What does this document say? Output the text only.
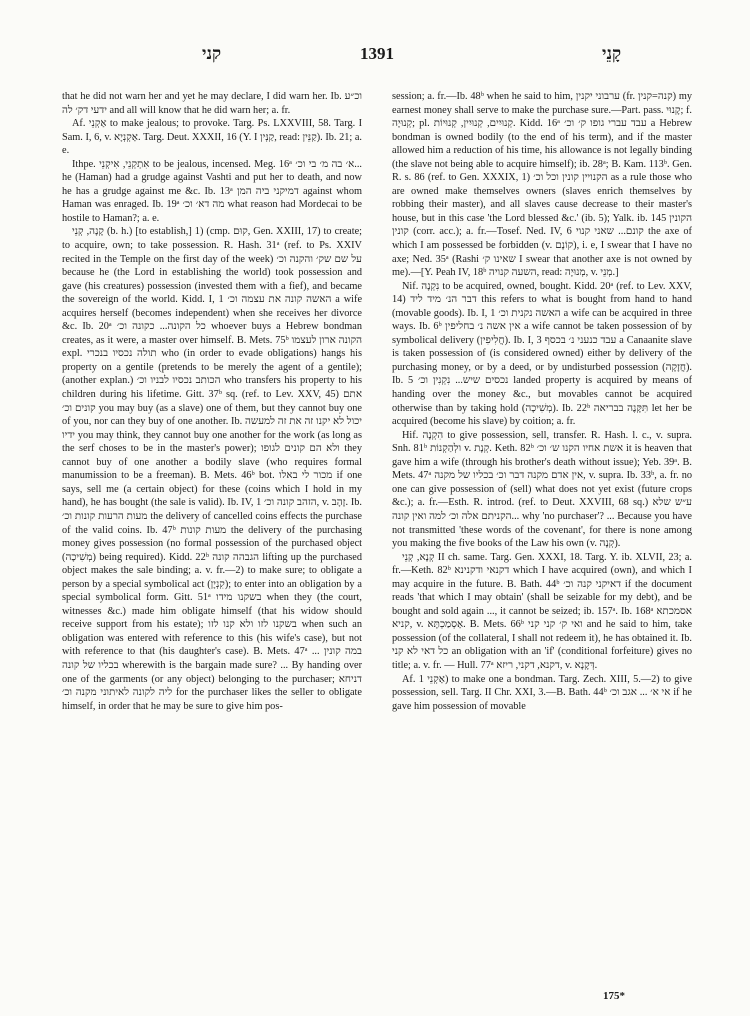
קני	1391	קָנֵי

that he did not warn her and yet he may declare, I did warn her. Ib. וכ״ע ידעי דק׳ לה and all will know that he did warn her; a. fr.

Af. אַקְנֵי to make jealous; to provoke. Targ. Ps. LXXVIII, 58. Targ. I Sam. I, 6, v. אַקְנְיָא. Targ. Deut. XXXII, 16 (Y. I קַנְּין, read: קַנֵּין). Ib. 21; a. e.

Ithpe. אִתְקְנֵי, אִיקְנֵי to be jealous, incensed. Meg. 16ᵃ א׳ בה מ׳ בי וכ׳... he (Haman) had a grudge against Vashti and put her to death, and now he has a grudge against me &c. Ib. 13ᵃ דמיקני ביה המן against whom Haman was enraged. Ib. 19ᵃ מה דא׳ וכ׳ what reason had Mordecai to be hostile to Haman?; a. e.

קָנָה, קְנֵי (b. h.) [to establish,] 1) (cmp. קוּם, Gen. XXIII, 17) to create; to acquire, own; to take possession. R. Hash. 31ᵃ (ref. to Ps. XXIV recited in the Temple on the first day of the week) על שם שק׳ והקנה וכ׳ because he (the Lord in establishing the world) took possession and gave (his creatures) possession (invested them with a fief), and became the sovereign of the world. Kidd. I, 1 האשה קונה את עצמה וכ׳ a wife acquires herself (becomes independent) when she receives her divorce &c. Ib. 20ᵃ כל הקונה... כקונה וכ׳ whoever buys a Hebrew bondman creates, as it were, a master over himself. B. Mets. 75ᵇ הקונה ארון לעצמו expl. תולה נכסיו בנכרי who (in order to evade obligations) hangs his property on a gentile (pretends to be merely the agent of a gentile); (another explan.) הכותב נכסיו לבניו וכ׳ who transfers his property to his children during his lifetime. Gitt. 37ᵇ sq. (ref. to Lev. XXV, 45) אתם קונים וכ׳ you may buy (as a slave) one of them, but they cannot buy one of you, nor can they buy of one another. Ib. יכול לא יקנו זה את זה למעשה ידיו you may think, they cannot buy one another for the work (as long as the serf choses to be in the master's power); ולא הם קונים לגופו they cannot buy of one another a bodily slave (who requires formal manumission to be a freeman). B. Mets. 46ᵇ bot. מכור לי באלו if one says, sell me (a certain object) for these (coins which I hold in my hand), he has bought (the sale is valid). Ib. IV, 1 הזהב קונה וכ׳, v. זָהָב. Ib. מעות הרעות קונות וכ׳ the delivery of cancelled coins effects the purchase of the valid coins. Ib. 47ᵇ מעות קונות the delivery of the purchasing money gives possession (no formal possession of the purchased object (מְשִׁיכָה) being required). Kidd. 22ᵇ הגבהה קונה lifting up the purchased object makes the sale binding; a. v. fr.—2) to make sure; to obligate a person by a special symbolical act (קִנְיָן); to enter into an obligation by a special symbolical form. Gitt. 51ᵃ בשקנו מידו when they (the court, witnesses &c.) made him obligate himself (that his widow should receive support from his estate); בשקנו לזו ולא קנו לזו when such an obligation was entered with reference to this (his wife's case), but not with reference to that (his daughter's case). B. Mets. 47ᵃ במה קונין ... בכליו של קונה wherewith is the bargain made sure? ... By handing over one of the garments (or any object) belonging to the purchaser; דניחא ליה לקונה לאיתוני מקנה וכ׳ for the purchaser likes the seller to obligate himself, in order that he may be sure to give him pos-

session; a. fr.—Ib. 48ᵇ when he said to him, ערבוני יקנין (fr. קנה=קנין) my earnest money shall serve to make the purchase sure.—Part. pass. קָנוּי; f. קְנוּיָה; pl. קְנוּיִים, קְנוּיִין, קְנוּיוֹת. Kidd. 16ᵃ עבד עברי גופו ק׳ וכ׳ a Hebrew bondman is owned bodily (to the end of his term), and if the master allowed him a reduction of his time, his allowance is not legally binding (the slave not being able to acquire himself); ib. 28ᵃ; B. Kam. 113ᵇ. Gen. R. s. 86 (ref. to Gen. XXXIX, 1) הקנויין קונין וכל וכ׳ as a rule those who are owned make themselves owners (slaves enrich themselves by robbing their master), and all slaves cause decrease to their master's house, but in this case 'the Lord blessed &c.' (ib. 5); Yalk. ib. 145 הקונין קונין (corr. acc.); a. fr.—Tosef. Ned. IV, 6 קונם... שאני קנוי the axe of which I am possessed be forbidden (v. קוֹנָם), i. e, I swear that I have no axe; Ned. 35ᵃ (Rashi שאינו ק׳ I swear that another axe is not owned by me).—[Y. Peah IV, 18ᵇ השעה קנויה, read: מְנוּיָה, v. מְנֵי.]

Nif. נִקְנָה to be acquired, owned, bought. Kidd. 20ᵃ (ref. to Lev. XXV, 14) דבר הנ׳ מיד ליד this refers to what is bought from hand to hand (movable goods). Ib. I, 1 האשה נקנית וכ׳ a wife can be acquired in three ways. Ib. 6ᵇ אין אשה נ׳ בחליפין a wife cannot be taken possession of by symbolical delivery (חֲלִיפִין). Ib. I, 3 עבד כנעני נ׳ בכסף a Canaanite slave is taken possession of (is considered owned) either by delivery of the purchasing money, or by a deed, or by undisturbed possession (חֲזָקָה). Ib. 5 נכסים שיש... נִקְנִין וכ׳ landed property is acquired by means of handing over the money &c., but movables cannot be acquired otherwise than by taking hold (מְשִׁיכָה). Ib. 22ᵇ תִּקָּנֶה בבריאה let her be acquired (become his slave) by coition; a. fr.

Hif. הִקְנָה to give possession, sell, transfer. R. Hash. l. c., v. supra. Snh. 81ᵇ ולְהַקְנוֹת v. קְנָת. Keth. 82ᵇ אשת אחיו הקנו ש׳ וכ׳ it is heaven that gave him a wife (through his brother's death without issue); Yeb. 39ᵃ. B. Mets. 47ᵃ אין אדם מקנה דבר וכ׳ בכליו של מקנה, v. supra. Ib. 33ᵇ, a. fr. no one can give possession of (sell) what does not yet exist (future crops &c.); a. fr.—Esth. R. introd. (ref. to Deut. XXVIII, 68 sq.) ע״ש שלא הקניתם אלה וכ׳ למה ואין קונה... why 'no purchaser'? ... Because you have not transmitted 'these words of the covenant', for there is none among you making the five books of the Law his own (v. קְנָה).

קְנָא, קְנֵי II ch. same. Targ. Gen. XXXI, 18. Targ. Y. ib. XLVII, 23; a. fr.—Keth. 82ᵇ דקנאי ודקנינא which I have acquired (own), and which I may acquire in the future. B. Bath. 44ᵇ דאיקני קנה וכ׳ if the document reads 'that which I may obtain' (shall be seizable for my debt), and be bought and sold again ..., it cannot be seized; ib. 157ᵃ. Ib. 168ᵃ אסמכתא קניא, v. אַסְמַכְתָּא. B. Mets. 66ᵇ ואי ק׳ קני קני and he said to him, take possession (of the collateral, I shall not redeem it), he has obtained it. Ib. כל דאי לא קני an obligation with an 'if' (conditional forfeiture) gives no title; a. v. fr. — Hull. 77ᵃ דקנא, דקני, ריזא, v. דְּקָנָא.

Af. אַקְנֵי 1) to make one a bondman. Targ. Zech. XIII, 5.—2) to give possession, sell. Targ. II Chr. XXI, 3.—B. Bath. 44ᵇ אי א׳ ... אגב וכ׳ if he gave him possession of movable

175*
